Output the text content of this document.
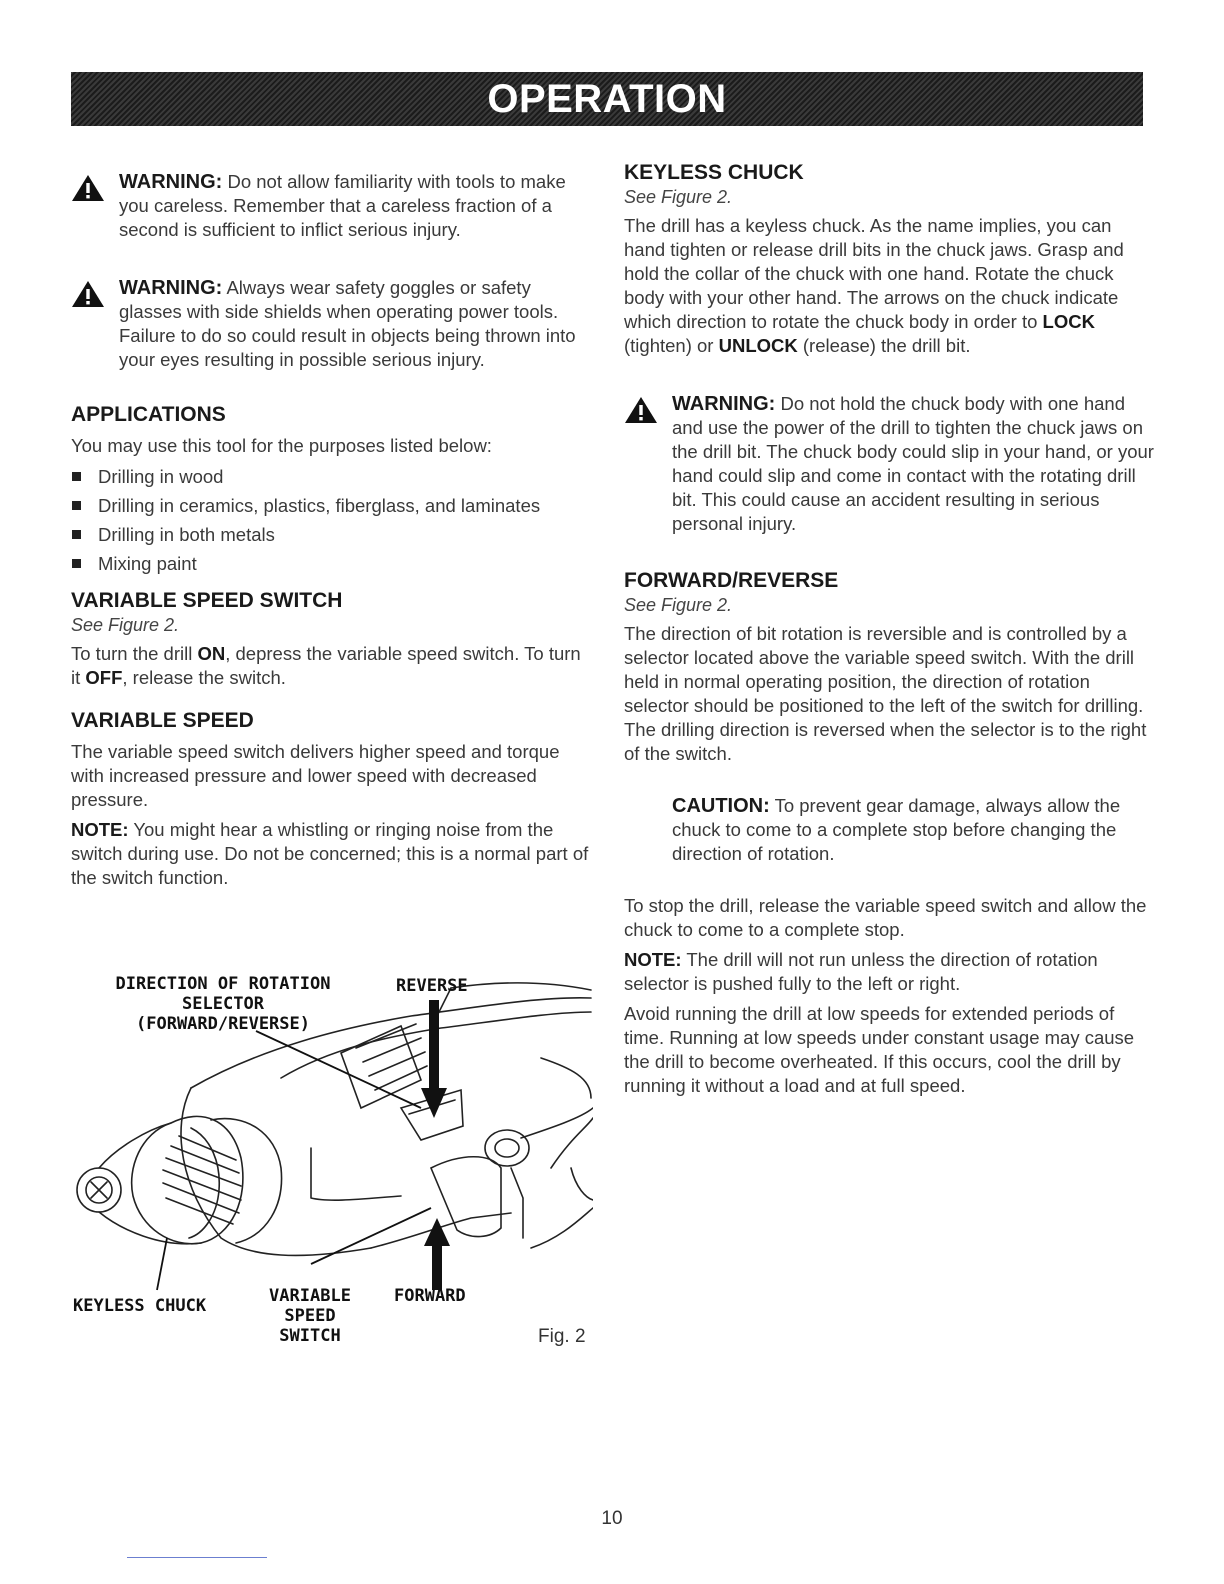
OPERATION
WARNING: Do not allow familiarity with tools to make you careless. Remember that a careless fraction of a second is sufficient to inflict serious injury.
WARNING: Always wear safety goggles or safety glasses with side shields when operating power tools. Failure to do so could result in objects being thrown into your eyes resulting in possible serious injury.
APPLICATIONS

You may use this tool for the purposes listed below:

Drilling in wood
Drilling in ceramics, plastics, fiberglass, and laminates
Drilling in both metals
Mixing paint
VARIABLE SPEED SWITCH
See Figure 2.

To turn the drill ON, depress the variable speed switch. To turn it OFF, release the switch.

VARIABLE SPEED

The variable speed switch delivers higher speed and torque with increased pressure and lower speed with decreased pressure.

NOTE: You might hear a whistling or ringing noise from the switch during use. Do not be concerned; this is a normal part of the switch function.

DIRECTION OF ROTATION SELECTOR
(FORWARD/REVERSE)
REVERSE
KEYLESS CHUCK	VARIABLE
SPEED
SWITCH
FORWARD
Fig. 2
KEYLESS CHUCK
See Figure 2.

The drill has a keyless chuck. As the name implies, you can hand tighten or release drill bits in the chuck jaws. Grasp and hold the collar of the chuck with one hand. Rotate the chuck body with your other hand. The arrows on the chuck indicate which direction to rotate the chuck body in order to LOCK (tighten) or UNLOCK (release) the drill bit.

WARNING: Do not hold the chuck body with one hand and use the power of the drill to tighten the chuck jaws on the drill bit. The chuck body could slip in your hand, or your hand could slip and come in contact with the rotating drill bit. This could cause an accident resulting in serious personal injury.
FORWARD/REVERSE
See Figure 2.

The direction of bit rotation is reversible and is controlled by a selector located above the variable speed switch. With the drill held in normal operating position, the direction of rotation selector should be positioned to the left of the switch for drilling. The drilling direction is reversed when the selector is to the right of the switch.

CAUTION: To prevent gear damage, always allow the chuck to come to a complete stop before changing the direction of rotation.

To stop the drill, release the variable speed switch and allow the chuck to come to a complete stop.

NOTE: The drill will not run unless the direction of rotation selector is pushed fully to the left or right.

Avoid running the drill at low speeds for extended periods of time. Running at low speeds under constant usage may cause the drill to become overheated. If this occurs, cool the drill by running it without a load and at full speed.

10
